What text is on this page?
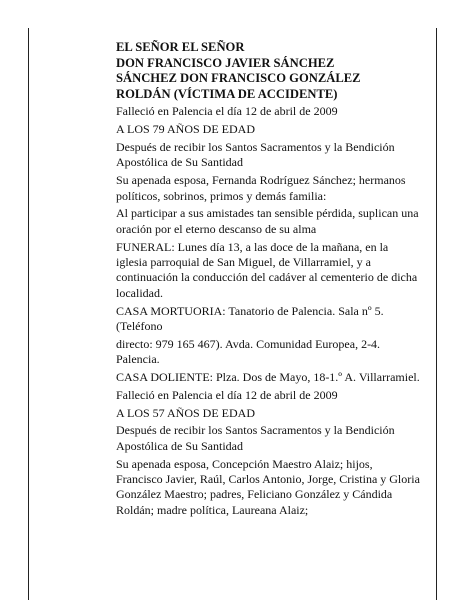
EL SEÑOR EL SEÑOR
DON FRANCISCO JAVIER SÁNCHEZ
SÁNCHEZ DON FRANCISCO GONZÁLEZ
ROLDÁN (VÍCTIMA DE ACCIDENTE)
Falleció en Palencia el día 12 de abril de 2009
A LOS 79 AÑOS DE EDAD
Después de recibir los Santos Sacramentos y la Bendición Apostólica de Su Santidad
Su apenada esposa, Fernanda Rodríguez Sánchez; hermanos políticos, sobrinos, primos y demás familia:
Al participar a sus amistades tan sensible pérdida, suplican una oración por el eterno descanso de su alma
FUNERAL: Lunes día 13, a las doce de la mañana, en la iglesia parroquial de San Miguel, de Villarramiel, y a continuación la conducción del cadáver al cementerio de dicha localidad.
CASA MORTUORIA: Tanatorio de Palencia. Sala nº 5. (Teléfono
directo: 979 165 467). Avda. Comunidad Europea, 2-4. Palencia.
CASA DOLIENTE: Plza. Dos de Mayo, 18-1.º A. Villarramiel.
Falleció en Palencia el día 12 de abril de 2009
A LOS 57 AÑOS DE EDAD
Después de recibir los Santos Sacramentos y la Bendición Apostólica de Su Santidad
Su apenada esposa, Concepción Maestro Alaiz; hijos, Francisco Javier, Raúl, Carlos Antonio, Jorge, Cristina y Gloria González Maestro; padres, Feliciano González y Cándida Roldán; madre política, Laureana Alaiz;
